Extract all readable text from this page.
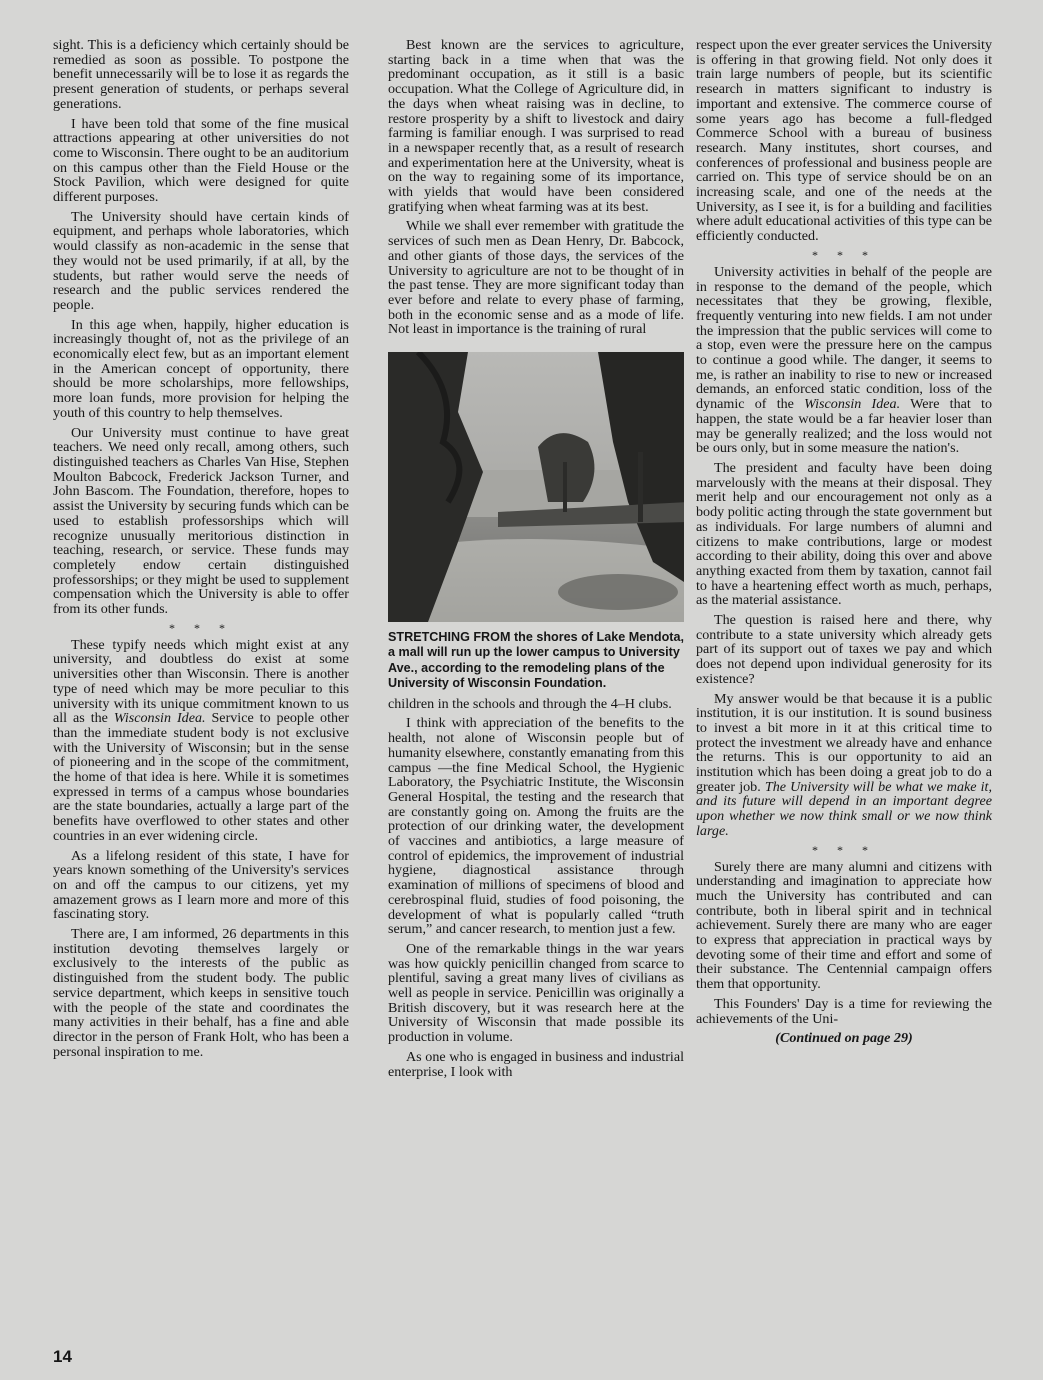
sight. This is a deficiency which certainly should be remedied as soon as possible. To postpone the benefit unnecessarily will be to lose it as regards the present generation of students, or perhaps several generations.

I have been told that some of the fine musical attractions appearing at other universities do not come to Wisconsin. There ought to be an auditorium on this campus other than the Field House or the Stock Pavilion, which were designed for quite different purposes.

The University should have certain kinds of equipment, and perhaps whole laboratories, which would classify as non-academic in the sense that they would not be used primarily, if at all, by the students, but rather would serve the needs of research and the public services rendered the people.

In this age when, happily, higher education is increasingly thought of, not as the privilege of an economically elect few, but as an important element in the American concept of opportunity, there should be more scholarships, more fellowships, more loan funds, more provision for helping the youth of this country to help themselves.

Our University must continue to have great teachers. We need only recall, among others, such distinguished teachers as Charles Van Hise, Stephen Moulton Babcock, Frederick Jackson Turner, and John Bascom. The Foundation, therefore, hopes to assist the University by securing funds which can be used to establish professorships which will recognize unusually meritorious distinction in teaching, research, or service. These funds may completely endow certain distinguished professorships; or they might be used to supplement compensation which the University is able to offer from its other funds.

* * *

These typify needs which might exist at any university, and doubtless do exist at some universities other than Wisconsin. There is another type of need which may be more peculiar to this university with its unique commitment known to us all as the Wisconsin Idea. Service to people other than the immediate student body is not exclusive with the University of Wisconsin; but in the sense of pioneering and in the scope of the commitment, the home of that idea is here. While it is sometimes expressed in terms of a campus whose boundaries are the state boundaries, actually a large part of the benefits have overflowed to other states and other countries in an ever widening circle.

As a lifelong resident of this state, I have for years known something of the University's services on and off the campus to our citizens, yet my amazement grows as I learn more and more of this fascinating story.

There are, I am informed, 26 departments in this institution devoting themselves largely or exclusively to the interests of the public as distinguished from the student body. The public service department, which keeps in sensitive touch with the people of the state and coordinates the many activities in their behalf, has a fine and able director in the person of Frank Holt, who has been a personal inspiration to me.

Best known are the services to agriculture, starting back in a time when that was the predominant occupation, as it still is a basic occupation. What the College of Agriculture did, in the days when wheat raising was in decline, to restore prosperity by a shift to livestock and dairy farming is familiar enough. I was surprised to read in a newspaper recently that, as a result of research and experimentation here at the University, wheat is on the way to regaining some of its importance, with yields that would have been considered gratifying when wheat farming was at its best.

While we shall ever remember with gratitude the services of such men as Dean Henry, Dr. Babcock, and other giants of those days, the services of the University to agriculture are not to be thought of in the past tense. They are more significant today than ever before and relate to every phase of farming, both in the economic sense and as a mode of life. Not least in importance is the training of rural

STRETCHING FROM the shores of Lake Mendota, a mall will run up the lower campus to University Ave., according to the remodeling plans of the University of Wisconsin Foundation.

children in the schools and through the 4–H clubs.

I think with appreciation of the benefits to the health, not alone of Wisconsin people but of humanity elsewhere, constantly emanating from this campus —the fine Medical School, the Hygienic Laboratory, the Psychiatric Institute, the Wisconsin General Hospital, the testing and the research that are constantly going on. Among the fruits are the protection of our drinking water, the development of vaccines and antibiotics, a large measure of control of epidemics, the improvement of industrial hygiene, diagnostical assistance through examination of millions of specimens of blood and cerebrospinal fluid, studies of food poisoning, the development of what is popularly called “truth serum,” and cancer research, to mention just a few.

One of the remarkable things in the war years was how quickly penicillin changed from scarce to plentiful, saving a great many lives of civilians as well as people in service. Penicillin was originally a British discovery, but it was research here at the University of Wisconsin that made possible its production in volume.

As one who is engaged in business and industrial enterprise, I look with

respect upon the ever greater services the University is offering in that growing field. Not only does it train large numbers of people, but its scientific research in matters significant to industry is important and extensive. The commerce course of some years ago has become a full-fledged Commerce School with a bureau of business research. Many institutes, short courses, and conferences of professional and business people are carried on. This type of service should be on an increasing scale, and one of the needs at the University, as I see it, is for a building and facilities where adult educational activities of this type can be efficiently conducted.

* * *

University activities in behalf of the people are in response to the demand of the people, which necessitates that they be growing, flexible, frequently venturing into new fields. I am not under the impression that the public services will come to a stop, even were the pressure here on the campus to continue a good while. The danger, it seems to me, is rather an inability to rise to new or increased demands, an enforced static condition, loss of the dynamic of the Wisconsin Idea. Were that to happen, the state would be a far heavier loser than may be generally realized; and the loss would not be ours only, but in some measure the nation's.

The president and faculty have been doing marvelously with the means at their disposal. They merit help and our encouragement not only as a body politic acting through the state government but as individuals. For large numbers of alumni and citizens to make contributions, large or modest according to their ability, doing this over and above anything exacted from them by taxation, cannot fail to have a heartening effect worth as much, perhaps, as the material assistance.

The question is raised here and there, why contribute to a state university which already gets part of its support out of taxes we pay and which does not depend upon individual generosity for its existence?

My answer would be that because it is a public institution, it is our institution. It is sound business to invest a bit more in it at this critical time to protect the investment we already have and enhance the returns. This is our opportunity to aid an institution which has been doing a great job to do a greater job. The University will be what we make it, and its future will depend in an important degree upon whether we now think small or we now think large.

* * *

Surely there are many alumni and citizens with understanding and imagination to appreciate how much the University has contributed and can contribute, both in liberal spirit and in technical achievement. Surely there are many who are eager to express that appreciation in practical ways by devoting some of their time and effort and some of their substance. The Centennial campaign offers them that opportunity.

This Founders' Day is a time for reviewing the achievements of the Uni-

(Continued on page 29)
14
